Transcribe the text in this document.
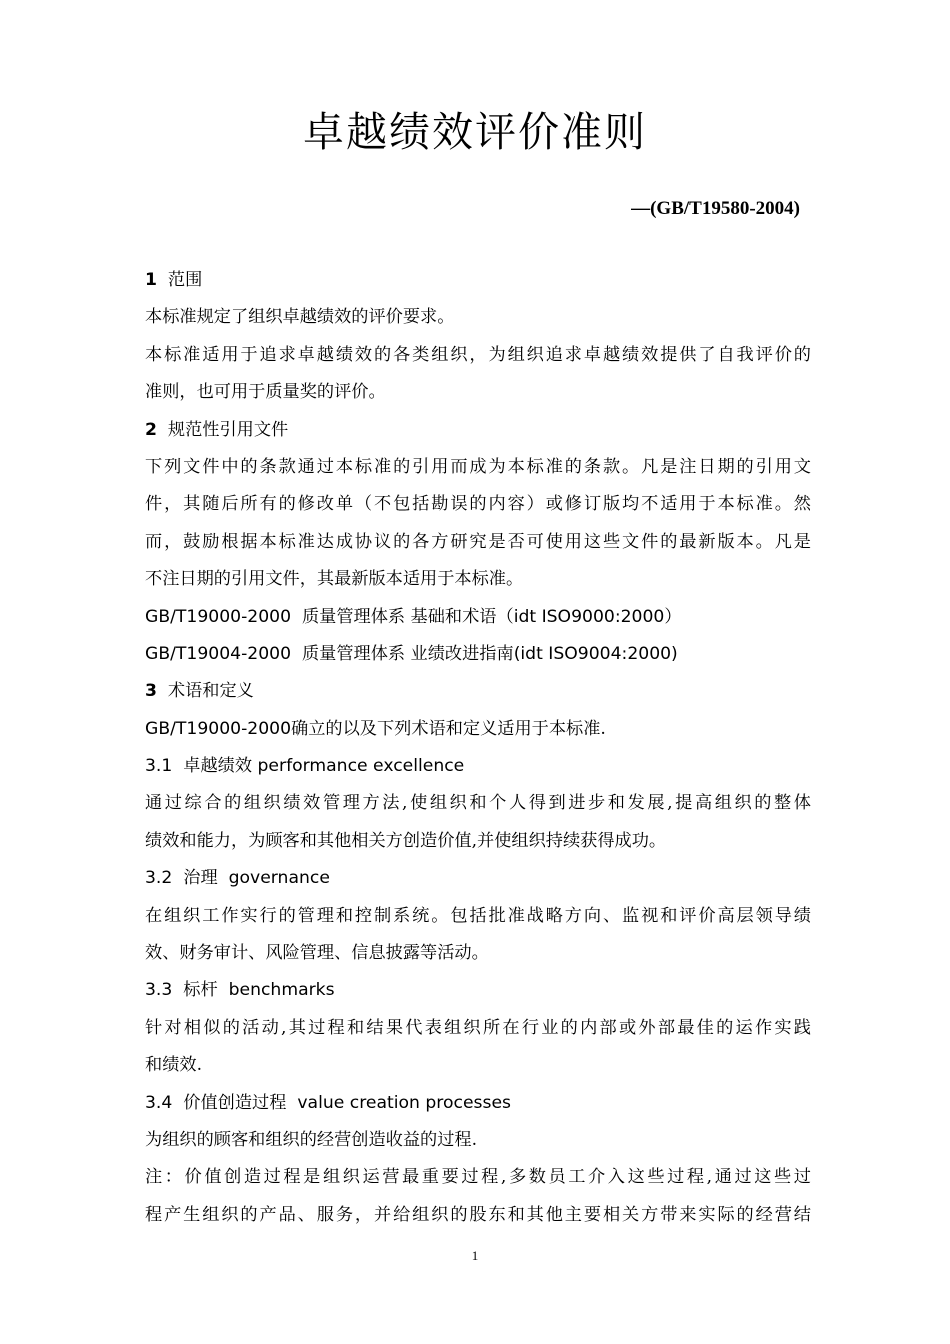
卓越绩效评价准则
—(GB/T19580-2004)
1 范围
本标准规定了组织卓越绩效的评价要求。
本标准适用于追求卓越绩效的各类组织，为组织追求卓越绩效提供了自我评价的
准则，也可用于质量奖的评价。
2 规范性引用文件
下列文件中的条款通过本标准的引用而成为本标准的条款。凡是注日期的引用文
件，其随后所有的修改单（不包括勘误的内容）或修订版均不适用于本标准。然
而，鼓励根据本标准达成协议的各方研究是否可使用这些文件的最新版本。凡是
不注日期的引用文件，其最新版本适用于本标准。
GB/T19000-2000 质量管理体系 基础和术语（idt ISO9000:2000）
GB/T19004-2000 质量管理体系 业绩改进指南(idt ISO9004:2000)
3 术语和定义
GB/T19000-2000确立的以及下列术语和定义适用于本标准.
3.1 卓越绩效 performance excellence
通过综合的组织绩效管理方法,使组织和个人得到进步和发展,提高组织的整体
绩效和能力，为顾客和其他相关方创造价值,并使组织持续获得成功。
3.2 治理 governance
在组织工作实行的管理和控制系统。包括批准战略方向、监视和评价高层领导绩
效、财务审计、风险管理、信息披露等活动。
3.3 标杆 benchmarks
针对相似的活动,其过程和结果代表组织所在行业的内部或外部最佳的运作实践
和绩效.
3.4 价值创造过程 value creation processes
为组织的顾客和组织的经营创造收益的过程.
注：价值创造过程是组织运营最重要过程,多数员工介入这些过程,通过这些过
程产生组织的产品、服务，并给组织的股东和其他主要相关方带来实际的经营结
1
